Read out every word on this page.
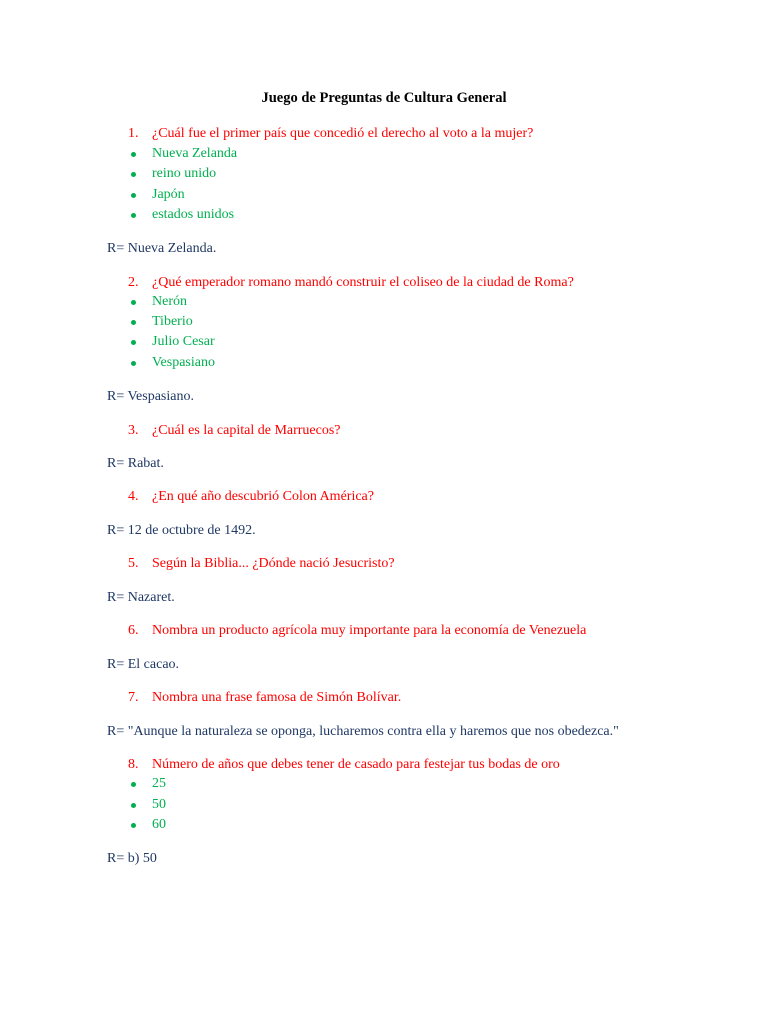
Juego de Preguntas de Cultura General
1. ¿Cuál fue el primer país que concedió el derecho al voto a la mujer?
Nueva Zelanda
reino unido
Japón
estados unidos
R= Nueva Zelanda.
2. ¿Qué emperador romano mandó construir el coliseo de la ciudad de Roma?
Nerón
Tiberio
Julio Cesar
Vespasiano
R= Vespasiano.
3. ¿Cuál es la capital de Marruecos?
R= Rabat.
4. ¿En qué año descubrió Colon América?
R= 12 de octubre de 1492.
5. Según la Biblia... ¿Dónde nació Jesucristo?
R= Nazaret.
6. Nombra un producto agrícola muy importante para la economía de Venezuela
R= El cacao.
7. Nombra una frase famosa de Simón Bolívar.
R= "Aunque la naturaleza se oponga, lucharemos contra ella y haremos que nos obedezca."
8. Número de años que debes tener de casado para festejar tus bodas de oro
25
50
60
R= b) 50
